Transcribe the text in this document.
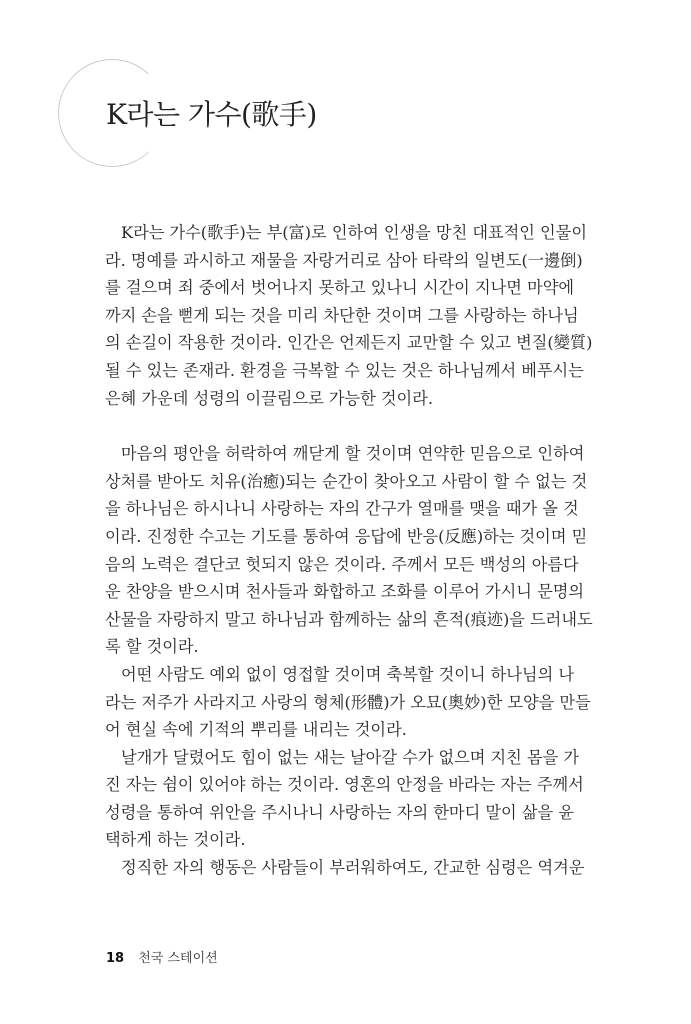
K라는 가수(歌手)
K라는 가수(歌手)는 부(富)로 인하여 인생을 망친 대표적인 인물이
라. 명예를 과시하고 재물을 자랑거리로 삼아 타락의 일변도(一邊倒)
를 걸으며 죄 중에서 벗어나지 못하고 있나니 시간이 지나면 마약에
까지 손을 뻗게 되는 것을 미리 차단한 것이며 그를 사랑하는 하나님
의 손길이 작용한 것이라. 인간은 언제든지 교만할 수 있고 변질(變質)
될 수 있는 존재라. 환경을 극복할 수 있는 것은 하나님께서 베푸시는
은혜 가운데 성령의 이끌림으로 가능한 것이라.
마음의 평안을 허락하여 깨닫게 할 것이며 연약한 믿음으로 인하여
상처를 받아도 치유(治癒)되는 순간이 찾아오고 사람이 할 수 없는 것
을 하나님은 하시나니 사랑하는 자의 간구가 열매를 맺을 때가 올 것
이라. 진정한 수고는 기도를 통하여 응답에 반응(反應)하는 것이며 믿
음의 노력은 결단코 헛되지 않은 것이라. 주께서 모든 백성의 아름다
운 찬양을 받으시며 천사들과 화합하고 조화를 이루어 가시니 문명의
산물을 자랑하지 말고 하나님과 함께하는 삶의 흔적(痕迹)을 드러내도
록 할 것이라.
어떤 사람도 예외 없이 영접할 것이며 축복할 것이니 하나님의 나
라는 저주가 사라지고 사랑의 형체(形體)가 오묘(奧妙)한 모양을 만들
어 현실 속에 기적의 뿌리를 내리는 것이라.
날개가 달렸어도 힘이 없는 새는 날아갈 수가 없으며 지친 몸을 가
진 자는 쉼이 있어야 하는 것이라. 영혼의 안정을 바라는 자는 주께서
성령을 통하여 위안을 주시나니 사랑하는 자의 한마디 말이 삶을 윤
택하게 하는 것이라.
정직한 자의 행동은 사람들이 부러워하여도, 간교한 심령은 역겨운
18 천국 스테이션
